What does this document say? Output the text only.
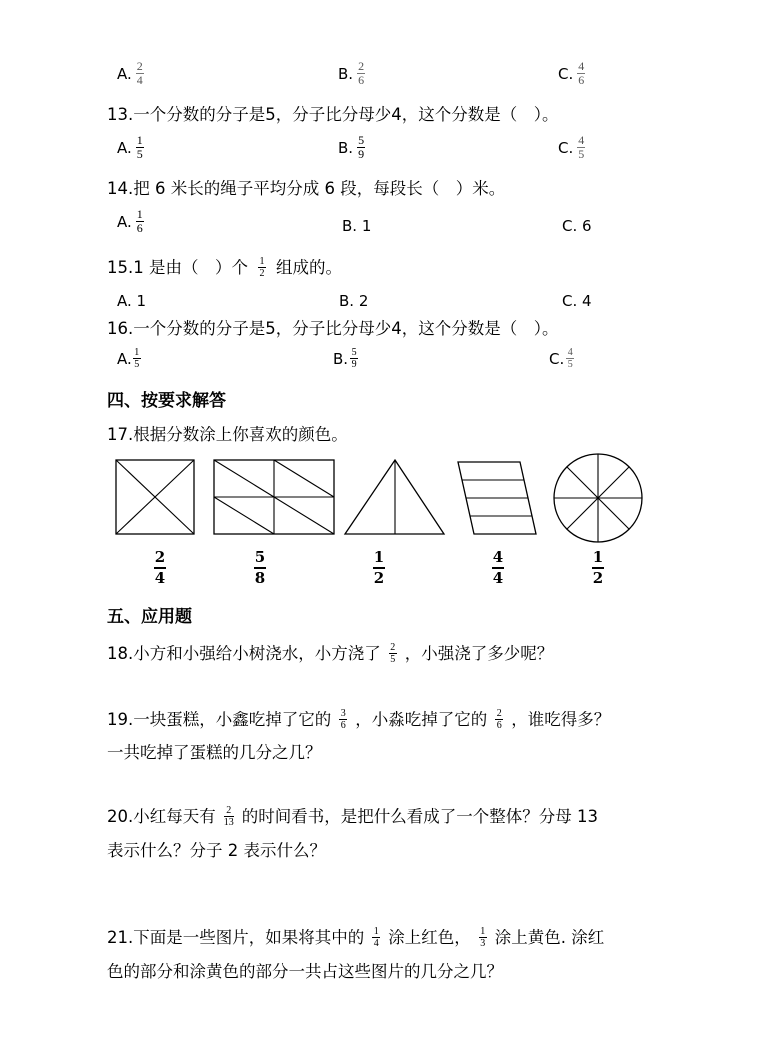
A. 2
4	B. 2
6	C. 4
6
13.一个分数的分子是5，分子比分母少4，这个分数是（　）。
A. 1
5	B. 5
9	C. 4
5
14.把 6 米长的绳子平均分成 6 段，每段长（　）米。
A. 1
6	B. 1	C. 6
15.1 是由（　）个 1
2 组成的。
A. 1	B. 2	C. 4
16.一个分数的分子是5，分子比分母少4，这个分数是（　）。
A. 1
5	B. 5
9	C. 4
5
四、按要求解答
17.根据分数涂上你喜欢的颜色。
2
4
5
8
1
2
4
4
1
2
五、应用题
18.小方和小强给小树浇水，小方浇了 2
5 ，小强浇了多少呢？
19.一块蛋糕，小鑫吃掉了它的 3
6 ，小淼吃掉了它的 2
6 ，谁吃得多？
一共吃掉了蛋糕的几分之几？
20.小红每天有 2
13 的时间看书，是把什么看成了一个整体？分母 13
表示什么？分子 2 表示什么？
21.下面是一些图片，如果将其中的 1
4 涂上红色， 1
3 涂上黄色. 涂红
色的部分和涂黄色的部分一共占这些图片的几分之几？
